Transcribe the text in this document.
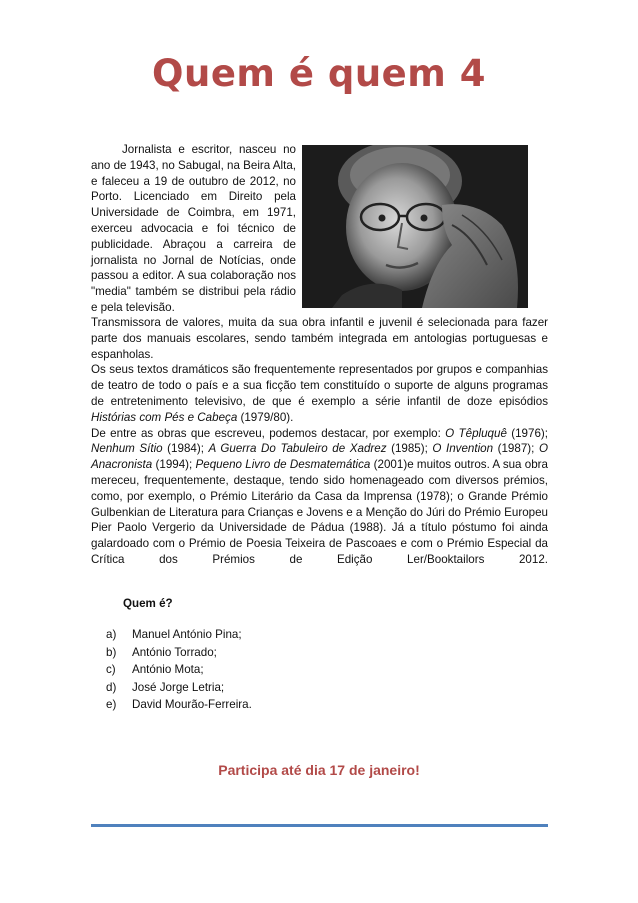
Quem é quem 4

Jornalista e escritor, nasceu no ano de 1943, no Sabugal, na Beira Alta, e faleceu a 19 de outubro de 2012, no Porto. Licenciado em Direito pela Universidade de Coimbra, em 1971, exerceu advocacia e foi técnico de publicidade. Abraçou a carreira de jornalista no Jornal de Notícias, onde passou a editor. A sua colaboração nos "media" também se distribui pela rádio e pela televisão.

Transmissora de valores, muita da sua obra infantil e juvenil é selecionada para fazer parte dos manuais escolares, sendo também integrada em antologias portuguesas e espanholas.

Os seus textos dramáticos são frequentemente representados por grupos e companhias de teatro de todo o país e a sua ficção tem constituído o suporte de alguns programas de entretenimento televisivo, de que é exemplo a série infantil de doze episódios Histórias com Pés e Cabeça (1979/80).

De entre as obras que escreveu, podemos destacar, por exemplo: O Têpluquê (1976); Nenhum Sítio (1984); A Guerra Do Tabuleiro de Xadrez (1985); O Invention (1987); O Anacronista (1994); Pequeno Livro de Desmatemática (2001)e muitos outros. A sua obra mereceu, frequentemente, destaque, tendo sido homenageado com diversos prémios, como, por exemplo, o Prémio Literário da Casa da Imprensa (1978); o Grande Prémio Gulbenkian de Literatura para Crianças e Jovens e a Menção do Júri do Prémio Europeu Pier Paolo Vergerio da Universidade de Pádua (1988). Já a título póstumo foi ainda galardoado com o Prémio de Poesia Teixeira de Pascoaes e com o Prémio Especial da Crítica dos Prémios de Edição Ler/Booktailors 2012.

Quem é?
a)	Manuel António Pina;
b)	António Torrado;
c)	António Mota;
d)	José Jorge Letria;
e)	David Mourão-Ferreira.
Participa até dia 17 de janeiro!
